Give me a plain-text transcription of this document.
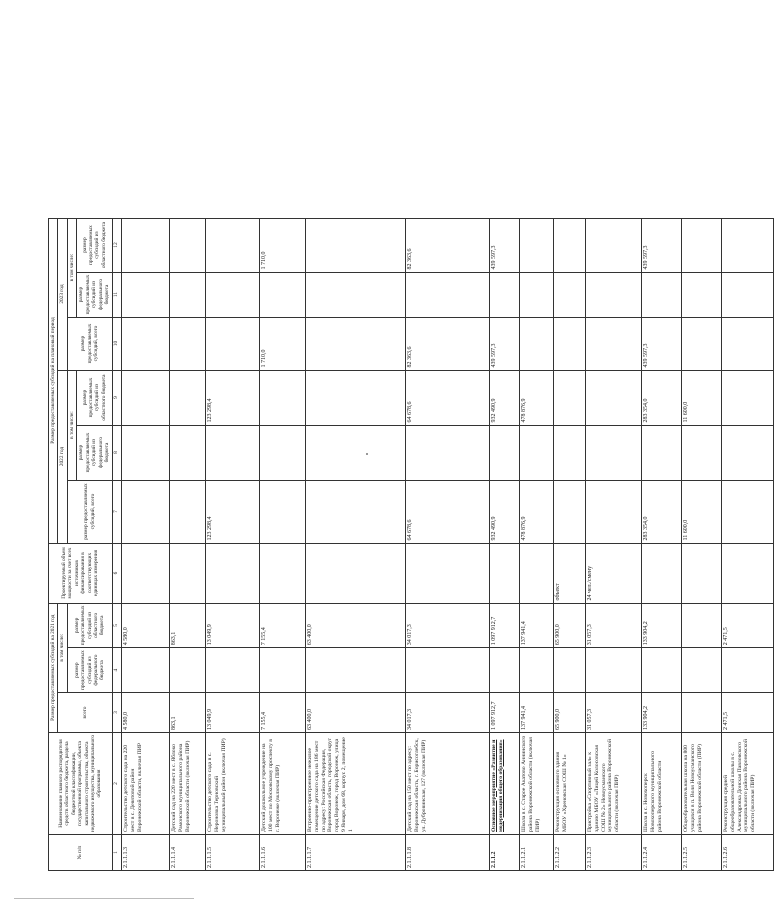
№ п/п	Наименование главного распорядителя средств областного бюджета, раздела бюджетной классификации, государственной программы, объекта капитального строительства, объекта недвижимого имущества, муниципального образования	Размер предоставляемых субсидий на 2021 год			Проектируемый объем мощности за счет всех источников финансирования в соответствующих единицах измерения	Размер предоставляемых субсидий на плановый период					
		всего	в том числе:			2022 год			2023 год		
			размер предоставляемых субсидий из федерального бюджета	размер предоставляемых субсидий из областного бюджета		размер предоставляемых субсидий, всего	в том числе:		размер предоставляемых субсидий, всего	в том числе:	
							размер предоставляемых субсидий из федерального бюджета	размер предоставляемых субсидий из областного бюджета		размер предоставляемых субсидий из федерального бюджета	размер предоставляемых субсидий из областного бюджета
1	2	3	4	5	6	7	8	9	10	11	12
2.1.1.1.3	Строительство детского сада на 220 мест в с. Девятовой район Воронежской области, включая ПИР	4 580,0		4 580,0							
2.1.1.1.4	Детский сад на 220 мест в с. Яблоко Рамонского муниципального района Воронежской области (включая ПИР)	863,1		863,1							
2.1.1.1.5	Строительство детского сада в с. Нероновка Терновский муниципальный район (включая ПИР)	13 049,9		13 049,9		123 298,4		123 298,4			
2.1.1.1.6	Детский дошкольное учреждение на 100 мест по Московскому проспекту в г. Воронеже (включая ПИР)	7 155,4		7 155,4					1 710,0		1 710,0
2.1.1.1.7	Встроенно-пристроенное нежилое помещение детского сада на 186 мест по адресу: Российская Федерация, Воронежская область, городской округ город Воронеж, город Воронеж, улица 9 Января, дом 68, корпус 2, помещение 1	63 400,0		63 400,0							
2.1.1.1.8	Детский сад на 150 мест по адресу: Воронежская область, г. Борисоглебск, ул. Дубровинская, 127 (включая ПИР)	34 017,3		34 017,3		64 678,6		64 678,6	82 363,6		82 363,6
2.1.1.2	Основное мероприятие «Развитие и модернизация общего образования»	1 097 912,7		1 097 912,7		932 490,9		932 490,9	439 597,3		439 597,3
2.1.1.2.1	Школа в с. Старое Акатово Аннинского района Воронежской области (включая ПИР)	137 941,4		137 941,4		478 876,9		478 876,9			
2.1.1.2.2	Реконструкция основного здания МБОУ «Хреновская СОШ № 1»	65 900,0		65 900,0	объект						
2.1.1.2.3	Пристройка «Спортивный зал» к зданию МБОУ «Лицей Колосовская СОШ № 2» Новоусманского муниципального района Воронежской области (включая ПИР)	31 057,3		31 057,3	24 чел./смену						
2.1.1.2.4	Школа в с. Новохоперск Новохоперского муниципального района Воронежской области	133 904,2		133 904,2		283 354,0		283 354,0	439 597,3		439 597,3
2.1.1.2.5	Общеобразовательная школа на 800 учащихся в п. Воля Новоусманского района Воронежской области (ПИР)					11 600,0		11 600,0			
2.1.1.2.6	Реконструкция средней общеобразовательной школы в с. Александровка Донская Павловского муниципального района Воронежской области (включая ПИР)	2 471,5		2 471,5							
